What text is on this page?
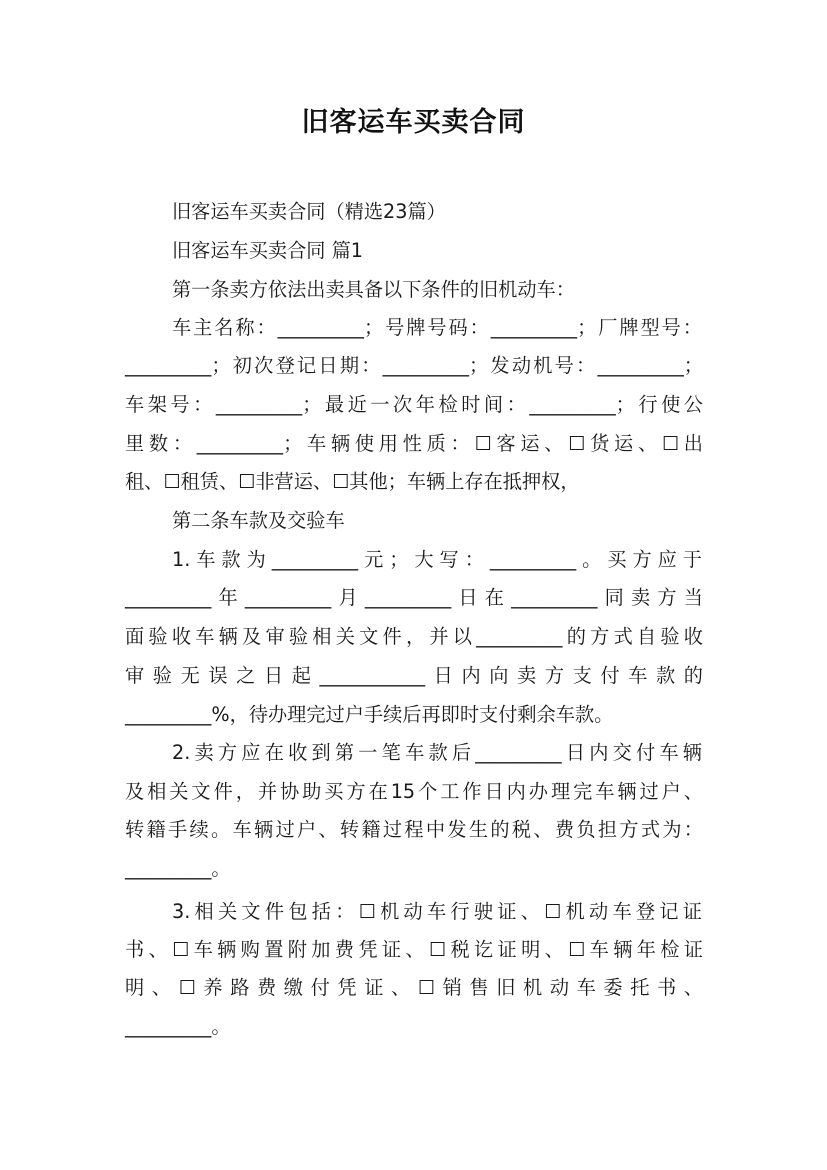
旧客运车买卖合同
旧客运车买卖合同（精选23篇）
旧客运车买卖合同 篇1
第一条卖方依法出卖具备以下条件的旧机动车：
车主名称：_________；号牌号码：_________；厂牌型号：
_________；初次登记日期：_________；发动机号：_________；
车架号：_________；最近一次年检时间：_________；行使公
里数：_________；车辆使用性质：☐客运、☐货运、☐出
租、☐租赁、☐非营运、☐其他；车辆上存在抵押权，
第二条车款及交验车
1.车款为_________元；大写：_________。买方应于
_________年_________月_________日在_________同卖方当
面验收车辆及审验相关文件，并以_________的方式自验收
审验无误之日起___________日内向卖方支付车款的
_________%，待办理完过户手续后再即时支付剩余车款。
2.卖方应在收到第一笔车款后_________日内交付车辆
及相关文件，并协助买方在15个工作日内办理完车辆过户、
转籍手续。车辆过户、转籍过程中发生的税、费负担方式为：
_________。
3.相关文件包括：☐机动车行驶证、☐机动车登记证
书、☐车辆购置附加费凭证、☐税讫证明、☐车辆年检证
明、☐养路费缴付凭证、☐销售旧机动车委托书、
_________。
